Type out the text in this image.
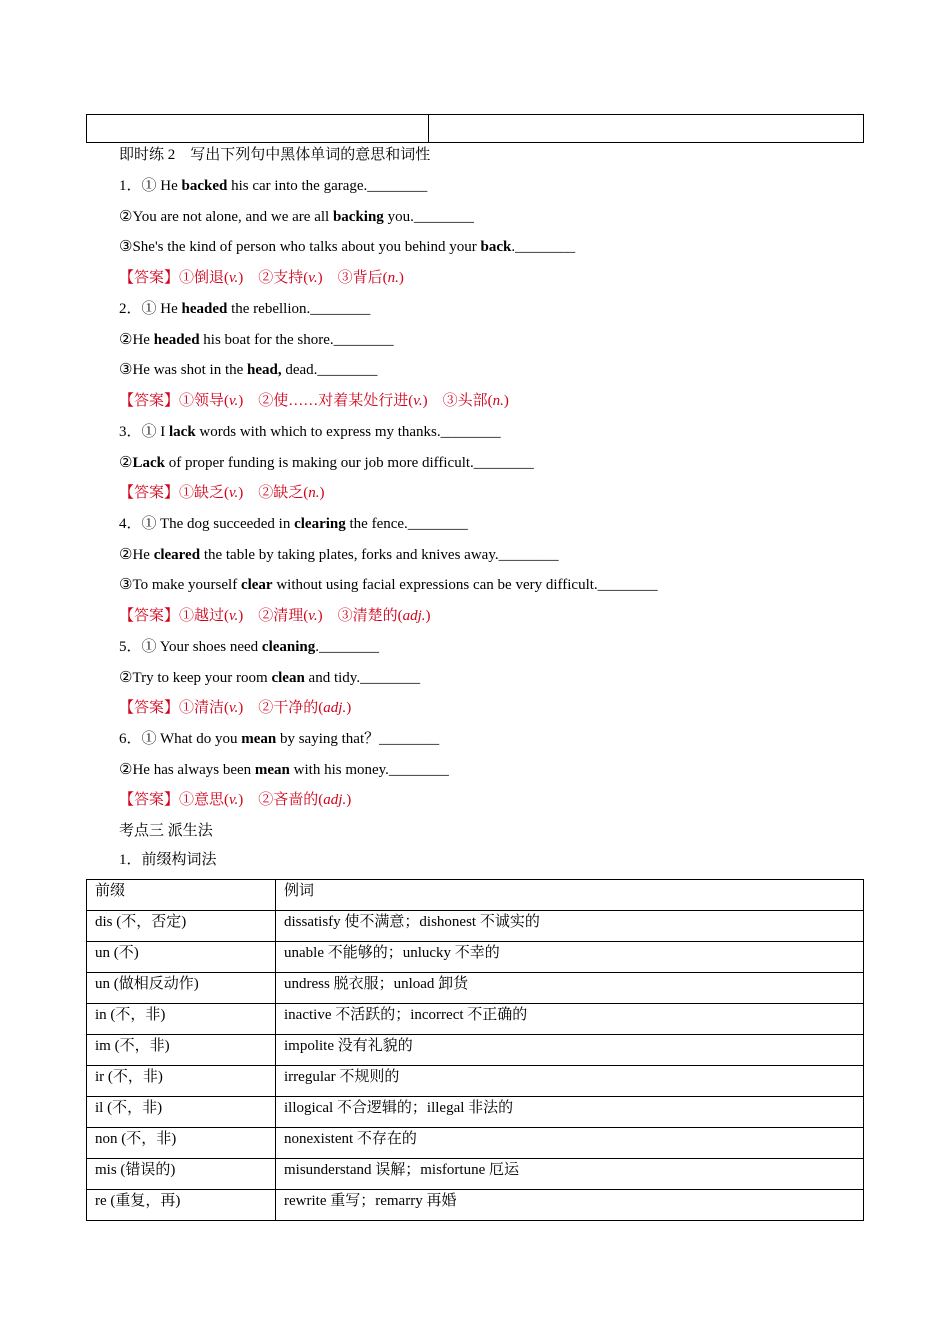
即时练 2　写出下列句中黑体单词的意思和词性
1．① He backed his car into the garage.________
②You are not alone, and we are all backing you.________
③She's the kind of person who talks about you behind your back.________
【答案】①倒退(v.)　②支持(v.)　③背后(n.)
2．① He headed the rebellion.________
②He headed his boat for the shore.________
③He was shot in the head, dead.________
【答案】①领导(v.)　②使……对着某处行进(v.)　③头部(n.)
3．① I lack words with which to express my thanks.________
②Lack of proper funding is making our job more difficult.________
【答案】①缺乏(v.)　②缺乏(n.)
4．① The dog succeeded in clearing the fence.________
②He cleared the table by taking plates, forks and knives away.________
③To make yourself clear without using facial expressions can be very difficult.________
【答案】①越过(v.)　②清理(v.)　③清楚的(adj.)
5．① Your shoes need cleaning.________
②Try to keep your room clean and tidy.________
【答案】①清洁(v.)　②干净的(adj.)
6．① What do you mean by saying that？________
②He has always been mean with his money.________
【答案】①意思(v.)　②吝啬的(adj.)
考点三 派生法
1．前缀构词法
前缀	例词
dis (不，否定)	dissatisfy 使不满意；dishonest 不诚实的
un (不)	unable 不能够的；unlucky 不幸的
un (做相反动作)	undress 脱衣服；unload 卸货
in (不，非)	inactive 不活跃的；incorrect 不正确的
im (不，非)	impolite 没有礼貌的
ir (不，非)	irregular 不规则的
il (不，非)	illogical 不合逻辑的；illegal 非法的
non (不，非)	nonexistent 不存在的
mis (错误的)	misunderstand 误解；misfortune 厄运
re (重复，再)	rewrite 重写；remarry 再婚
